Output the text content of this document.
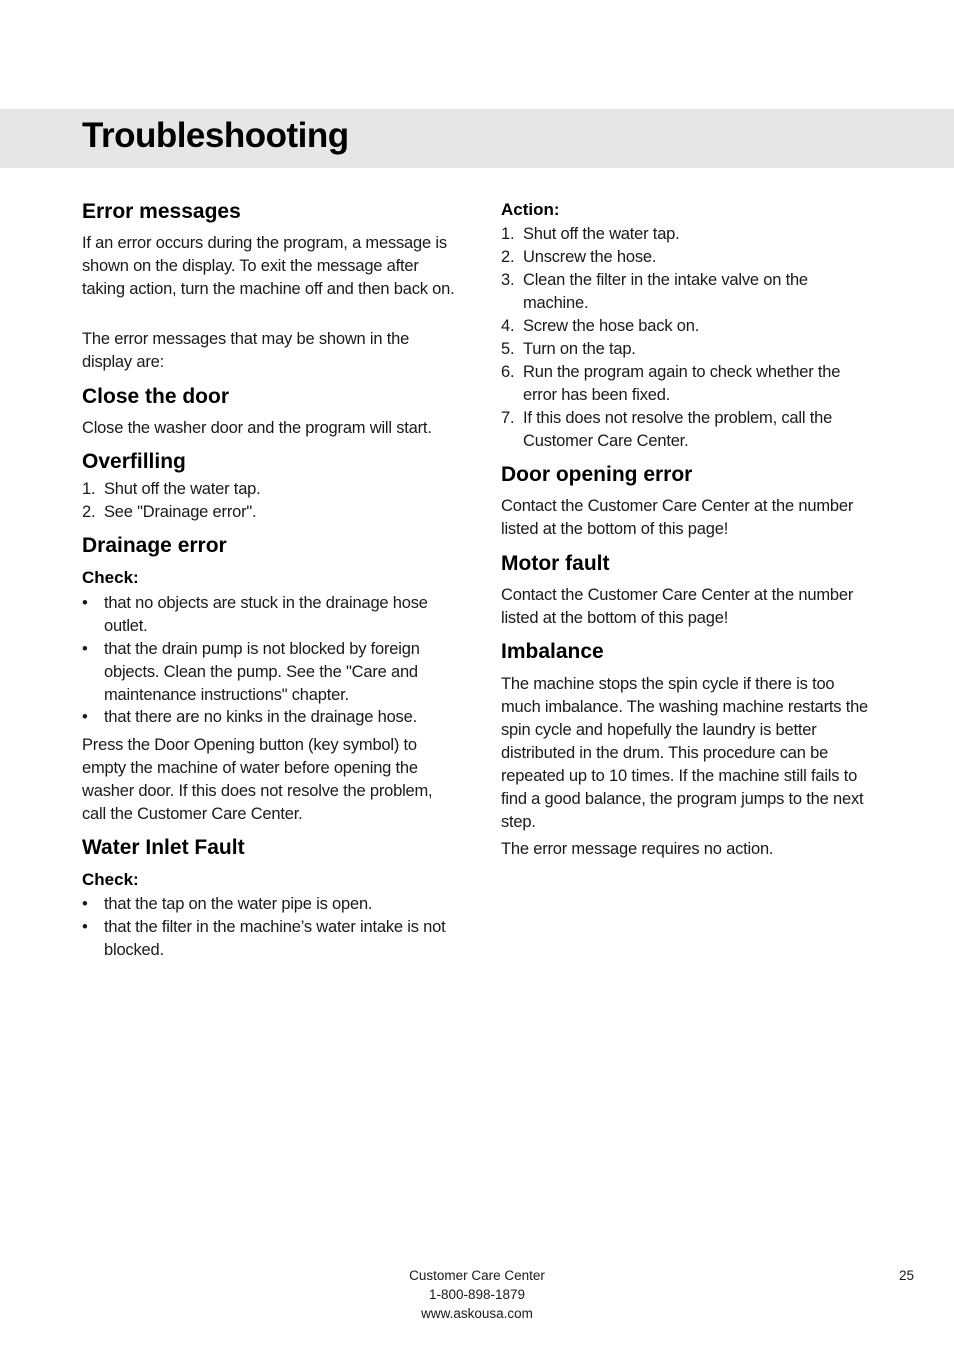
Troubleshooting
Error messages
If an error occurs during the program, a message is shown on the display. To exit the message after taking action, turn the machine off and then back on.
The error messages that may be shown in the display are:
Close the door
Close the washer door and the program will start.
Overfilling
1. Shut off the water tap.
2. See "Drainage error".
Drainage error
Check:
• that no objects are stuck in the drainage hose outlet.
• that the drain pump is not blocked by foreign objects. Clean the pump. See the "Care and maintenance instructions" chapter.
• that there are no kinks in the drainage hose.
Press the Door Opening button (key symbol) to empty the machine of water before opening the washer door. If this does not resolve the problem, call the Customer Care Center.
Water Inlet Fault
Check:
• that the tap on the water pipe is open.
• that the filter in the machine’s water intake is not blocked.
Action:
1. Shut off the water tap.
2. Unscrew the hose.
3. Clean the filter in the intake valve on the machine.
4. Screw the hose back on.
5. Turn on the tap.
6. Run the program again to check whether the error has been fixed.
7. If this does not resolve the problem, call the Customer Care Center.
Door opening error
Contact the Customer Care Center at the number listed at the bottom of this page!
Motor fault
Contact the Customer Care Center at the number listed at the bottom of this page!
Imbalance
The machine stops the spin cycle if there is too much imbalance. The washing machine restarts the spin cycle and hopefully the laundry is better distributed in the drum. This procedure can be repeated up to 10 times. If the machine still fails to find a good balance, the program jumps to the next step.
The error message requires no action.
Customer Care Center
1-800-898-1879
www.askousa.com
25
